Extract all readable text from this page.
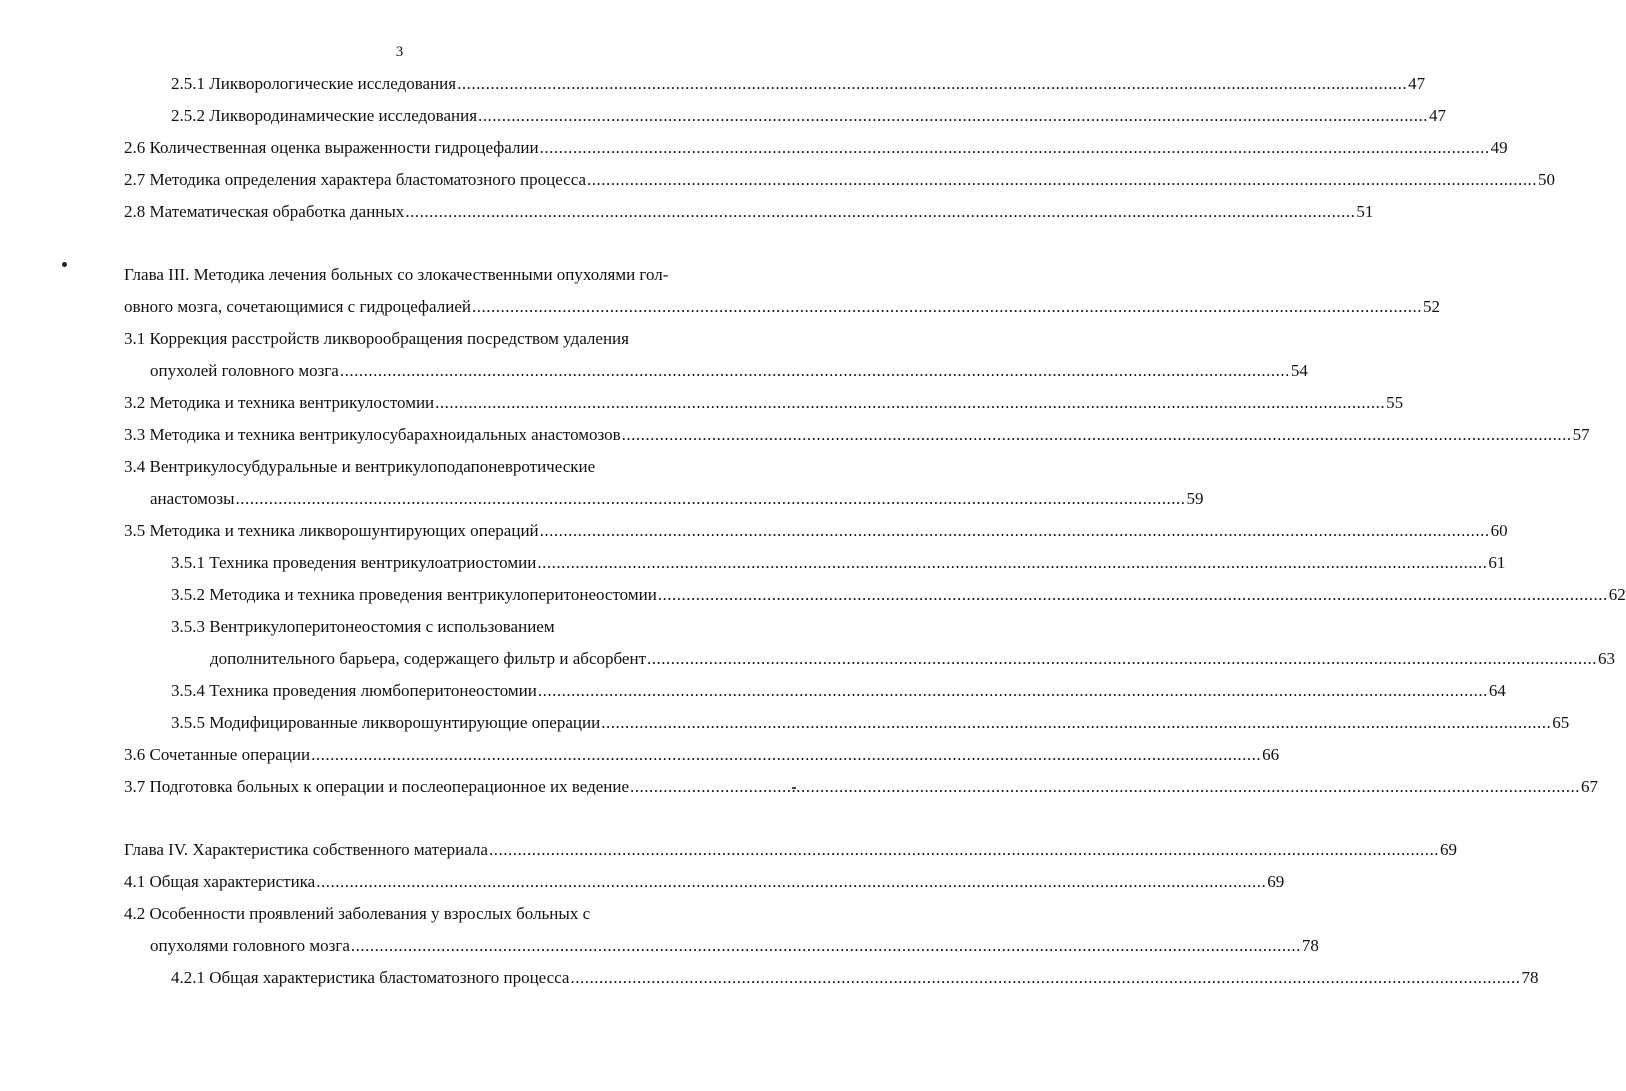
3
2.5.1 Ликворологические исследования ........................................................................................................................................................................................................ 47
2.5.2 Ликвородинамические исследования ........................................................................................................................................................................................................ 47
2.6 Количественная оценка выраженности гидроцефалии ........................................................................................................................................................................................................ 49
2.7 Методика определения характера бластоматозного процесса ........................................................................................................................................................................................................ 50
2.8 Математическая обработка данных ........................................................................................................................................................................................................ 51
Глава III. Методика лечения больных со злокачественными опухолями гол-
овного мозга, сочетающимися с гидроцефалией ........................................................................................................................................................................................................ 52
3.1 Коррекция расстройств ликворообращения посредством удаления
опухолей головного мозга ........................................................................................................................................................................................................ 54
3.2 Методика и техника вентрикулостомии ........................................................................................................................................................................................................ 55
3.3 Методика и техника вентрикулосубарахноидальных анастомозов ........................................................................................................................................................................................................ 57
3.4 Вентрикулосубдуральные и вентрикулоподапоневротические
анастомозы ........................................................................................................................................................................................................ 59
3.5 Методика и техника ликворошунтирующих операций ........................................................................................................................................................................................................ 60
3.5.1 Техника проведения вентрикулоатриостомии ........................................................................................................................................................................................................ 61
3.5.2 Методика и техника проведения вентрикулоперитонеостомии ........................................................................................................................................................................................................ 62
3.5.3 Вентрикулоперитонеостомия с использованием
дополнительного барьера, содержащего фильтр и абсорбент ........................................................................................................................................................................................................ 63
3.5.4 Техника проведения люмбоперитонеостомии ........................................................................................................................................................................................................ 64
3.5.5 Модифицированные ликворошунтирующие операции ........................................................................................................................................................................................................ 65
3.6 Сочетанные операции ........................................................................................................................................................................................................ 66
3.7 Подготовка больных к операции и послеоперационное их ведение ........................................................................................................................................................................................................ 67
Глава IV. Характеристика собственного материала ........................................................................................................................................................................................................ 69
4.1 Общая характеристика ........................................................................................................................................................................................................ 69
4.2 Особенности проявлений заболевания у взрослых больных с
опухолями головного мозга ........................................................................................................................................................................................................ 78
4.2.1 Общая характеристика бластоматозного процесса ........................................................................................................................................................................................................ 78
